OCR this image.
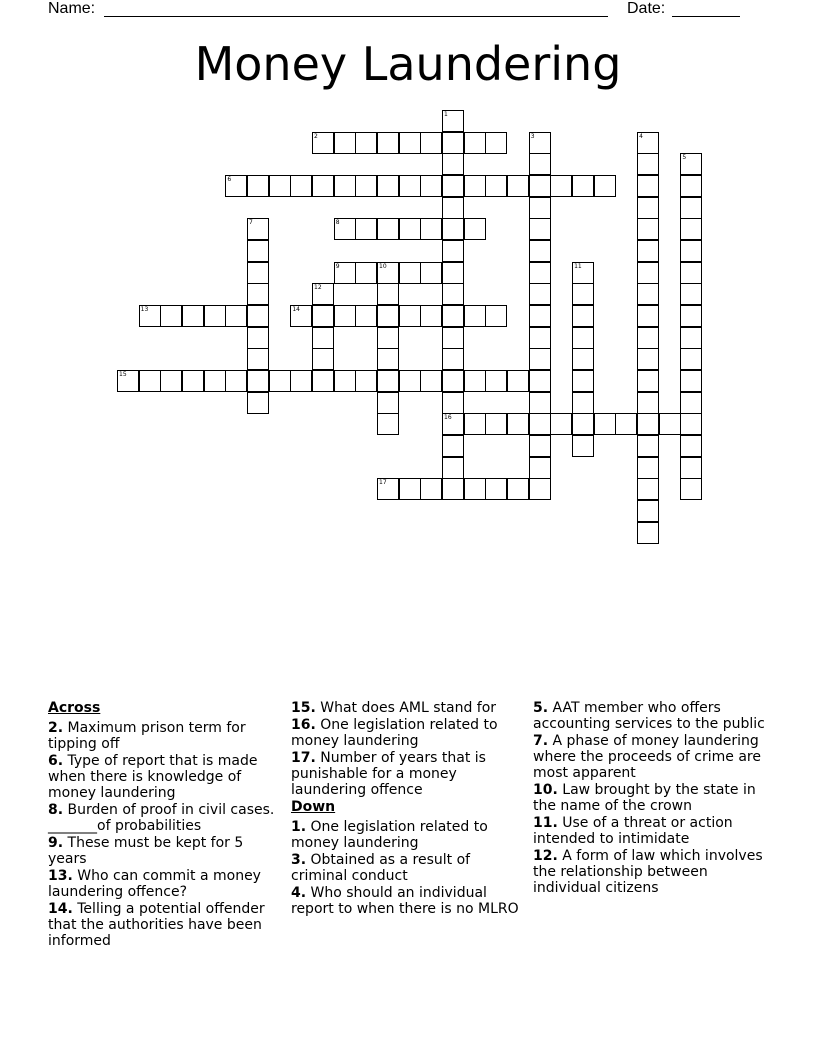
Name:	Date:
Money Laundering
1
16
2	3	4
5
6
7	8
9	10	11
12
13	14
15
17
Across
2. Maximum prison term for tipping off
6. Type of report that is made when there is knowledge of money laundering
8. Burden of proof in civil cases. _______of probabilities
9. These must be kept for 5 years
13. Who can commit a money laundering offence?
14. Telling a potential offender that the authorities have been informed
15. What does AML stand for
16. One legislation related to money laundering
17. Number of years that is punishable for a money laundering offence
Down
1. One legislation related to money laundering
3. Obtained as a result of criminal conduct
4. Who should an individual report to when there is no MLRO
5. AAT member who offers accounting services to the public
7. A phase of money laundering where the proceeds of crime are most apparent
10. Law brought by the state in the name of the crown
11. Use of a threat or action intended to intimidate
12. A form of law which involves the relationship between individual citizens
